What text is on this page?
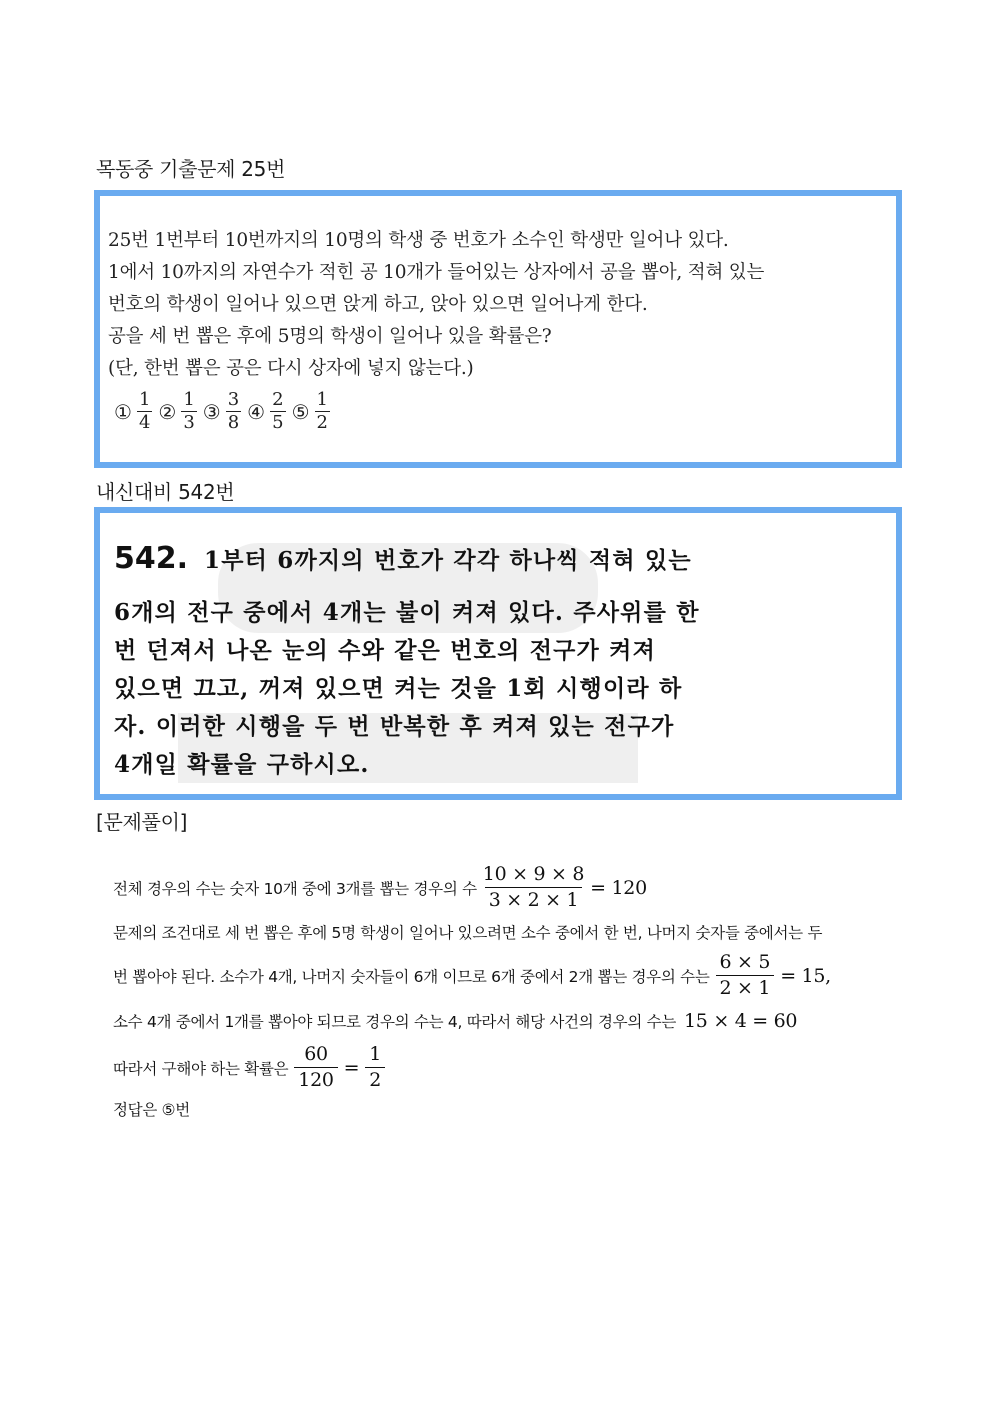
목동중 기출문제 25번
25번 1번부터 10번까지의 10명의 학생 중 번호가 소수인 학생만 일어나 있다.
1에서 10까지의 자연수가 적힌 공 10개가 들어있는 상자에서 공을 뽑아, 적혀 있는
번호의 학생이 일어나 있으면 앉게 하고, 앉아 있으면 일어나게 한다.
공을 세 번 뽑은 후에 5명의 학생이 일어나 있을 확률은?
(단, 한번 뽑은 공은 다시 상자에 넣지 않는다.)
① $\frac{1}{4}$ ② $\frac{1}{3}$ ③ $\frac{3}{8}$ ④ $\frac{2}{5}$ ⑤ $\frac{1}{2}$
내신대비 542번
542. 1부터 6까지의 번호가 각각 하나씩 적혀 있는
6개의 전구 중에서 4개는 불이 켜져 있다. 주사위를 한
번 던져서 나온 눈의 수와 같은 번호의 전구가 켜져
있으면 끄고, 꺼져 있으면 켜는 것을 1회 시행이라 하
자. 이러한 시행을 두 번 반복한 후 켜져 있는 전구가
4개일 확률을 구하시오.
[문제풀이]
전체 경우의 수는 숫자 10개 중에 3개를 뽑는 경우의 수 $\frac{10 \times 9 \times 8}{3 \times 2 \times 1} = 120$
문제의 조건대로 세 번 뽑은 후에 5명 학생이 일어나 있으려면 소수 중에서 한 번, 나머지 숫자들 중에서는 두
번 뽑아야 된다. 소수가 4개, 나머지 숫자들이 6개 이므로 6개 중에서 2개 뽑는 경우의 수는 $\frac{6 \times 5}{2 \times 1} = 15$,
소수 4개 중에서 1개를 뽑아야 되므로 경우의 수는 4, 따라서 해당 사건의 경우의 수는 15 × 4 = 60
따라서 구해야 하는 확률은 $\frac{60}{120} = \frac{1}{2}$
정답은 ⑤번
